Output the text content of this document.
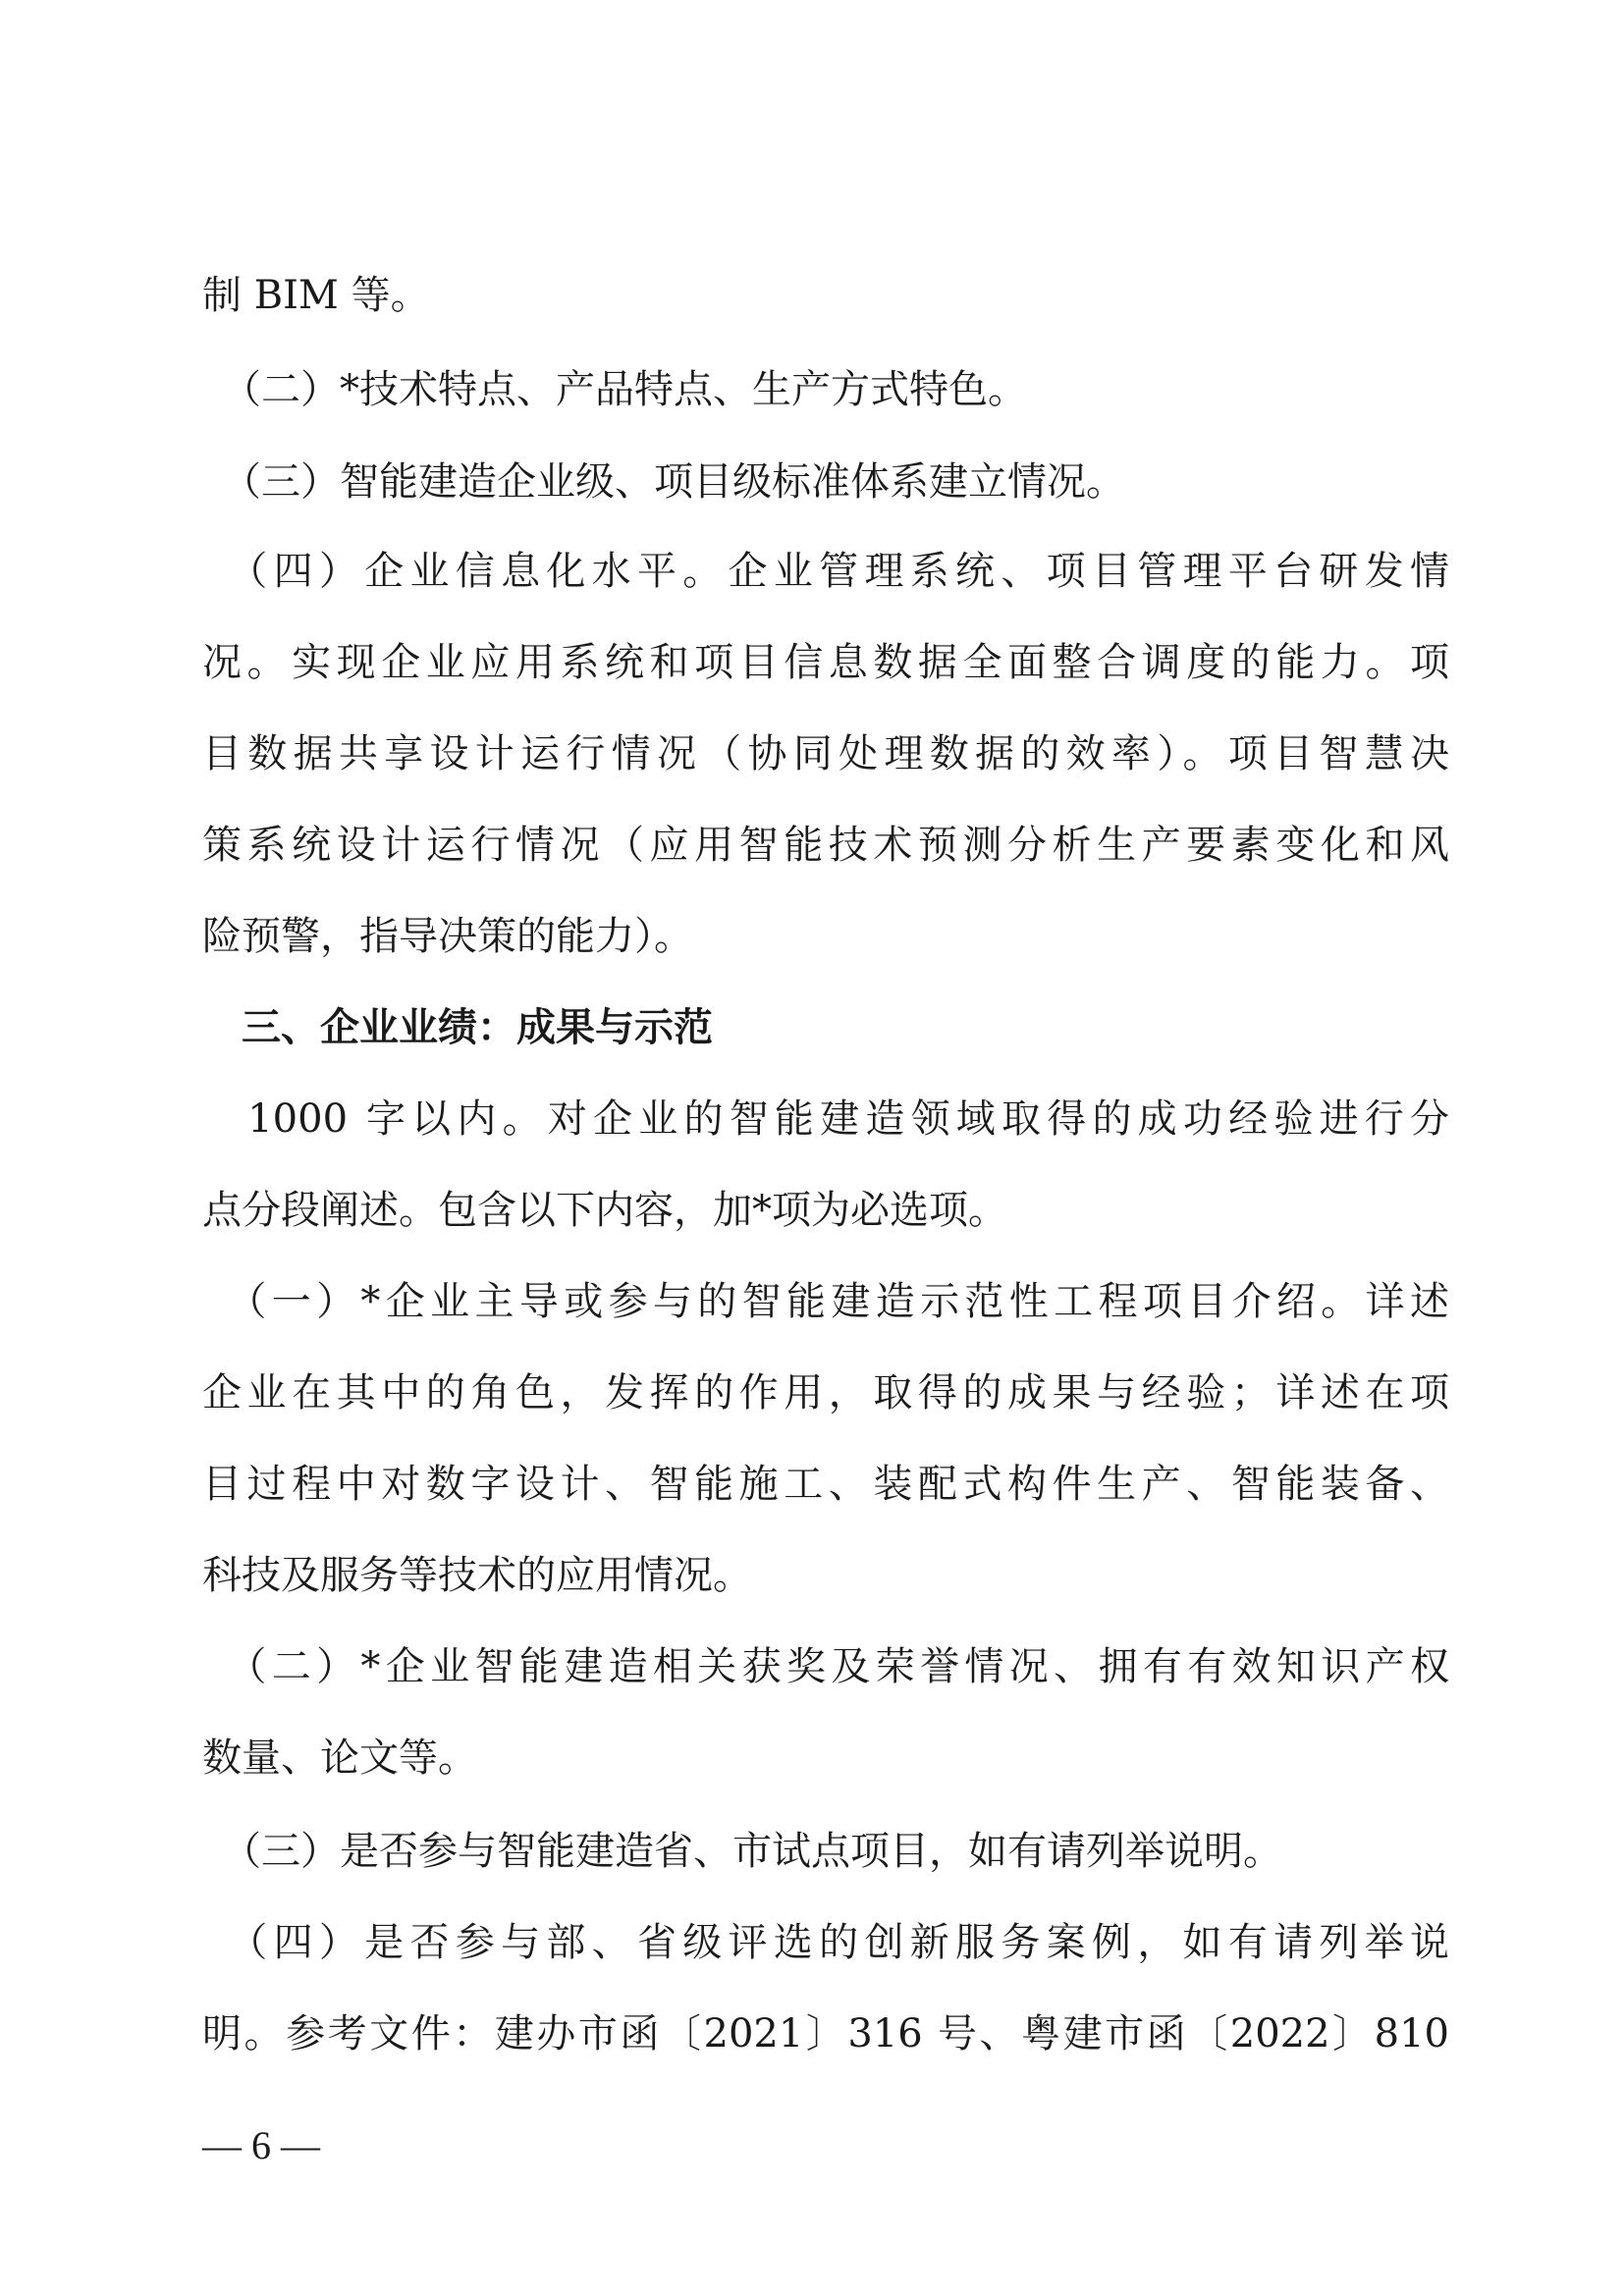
制 BIM 等。
　（二）*技术特点、产品特点、生产方式特色。
　（三）智能建造企业级、项目级标准体系建立情况。
　（四）企业信息化水平。企业管理系统、项目管理平台研发情
况。实现企业应用系统和项目信息数据全面整合调度的能力。项
目数据共享设计运行情况（协同处理数据的效率）。项目智慧决
策系统设计运行情况（应用智能技术预测分析生产要素变化和风
险预警，指导决策的能力）。
　三、企业业绩：成果与示范
　1000 字以内。对企业的智能建造领域取得的成功经验进行分
点分段阐述。包含以下内容，加*项为必选项。
　（一）*企业主导或参与的智能建造示范性工程项目介绍。详述
企业在其中的角色，发挥的作用，取得的成果与经验；详述在项
目过程中对数字设计、智能施工、装配式构件生产、智能装备、
科技及服务等技术的应用情况。
　（二）*企业智能建造相关获奖及荣誉情况、拥有有效知识产权
数量、论文等。
　（三）是否参与智能建造省、市试点项目，如有请列举说明。
　（四）是否参与部、省级评选的创新服务案例，如有请列举说
明。参考文件：建办市函〔2021〕316 号、粤建市函〔2022〕810
— 6 —
